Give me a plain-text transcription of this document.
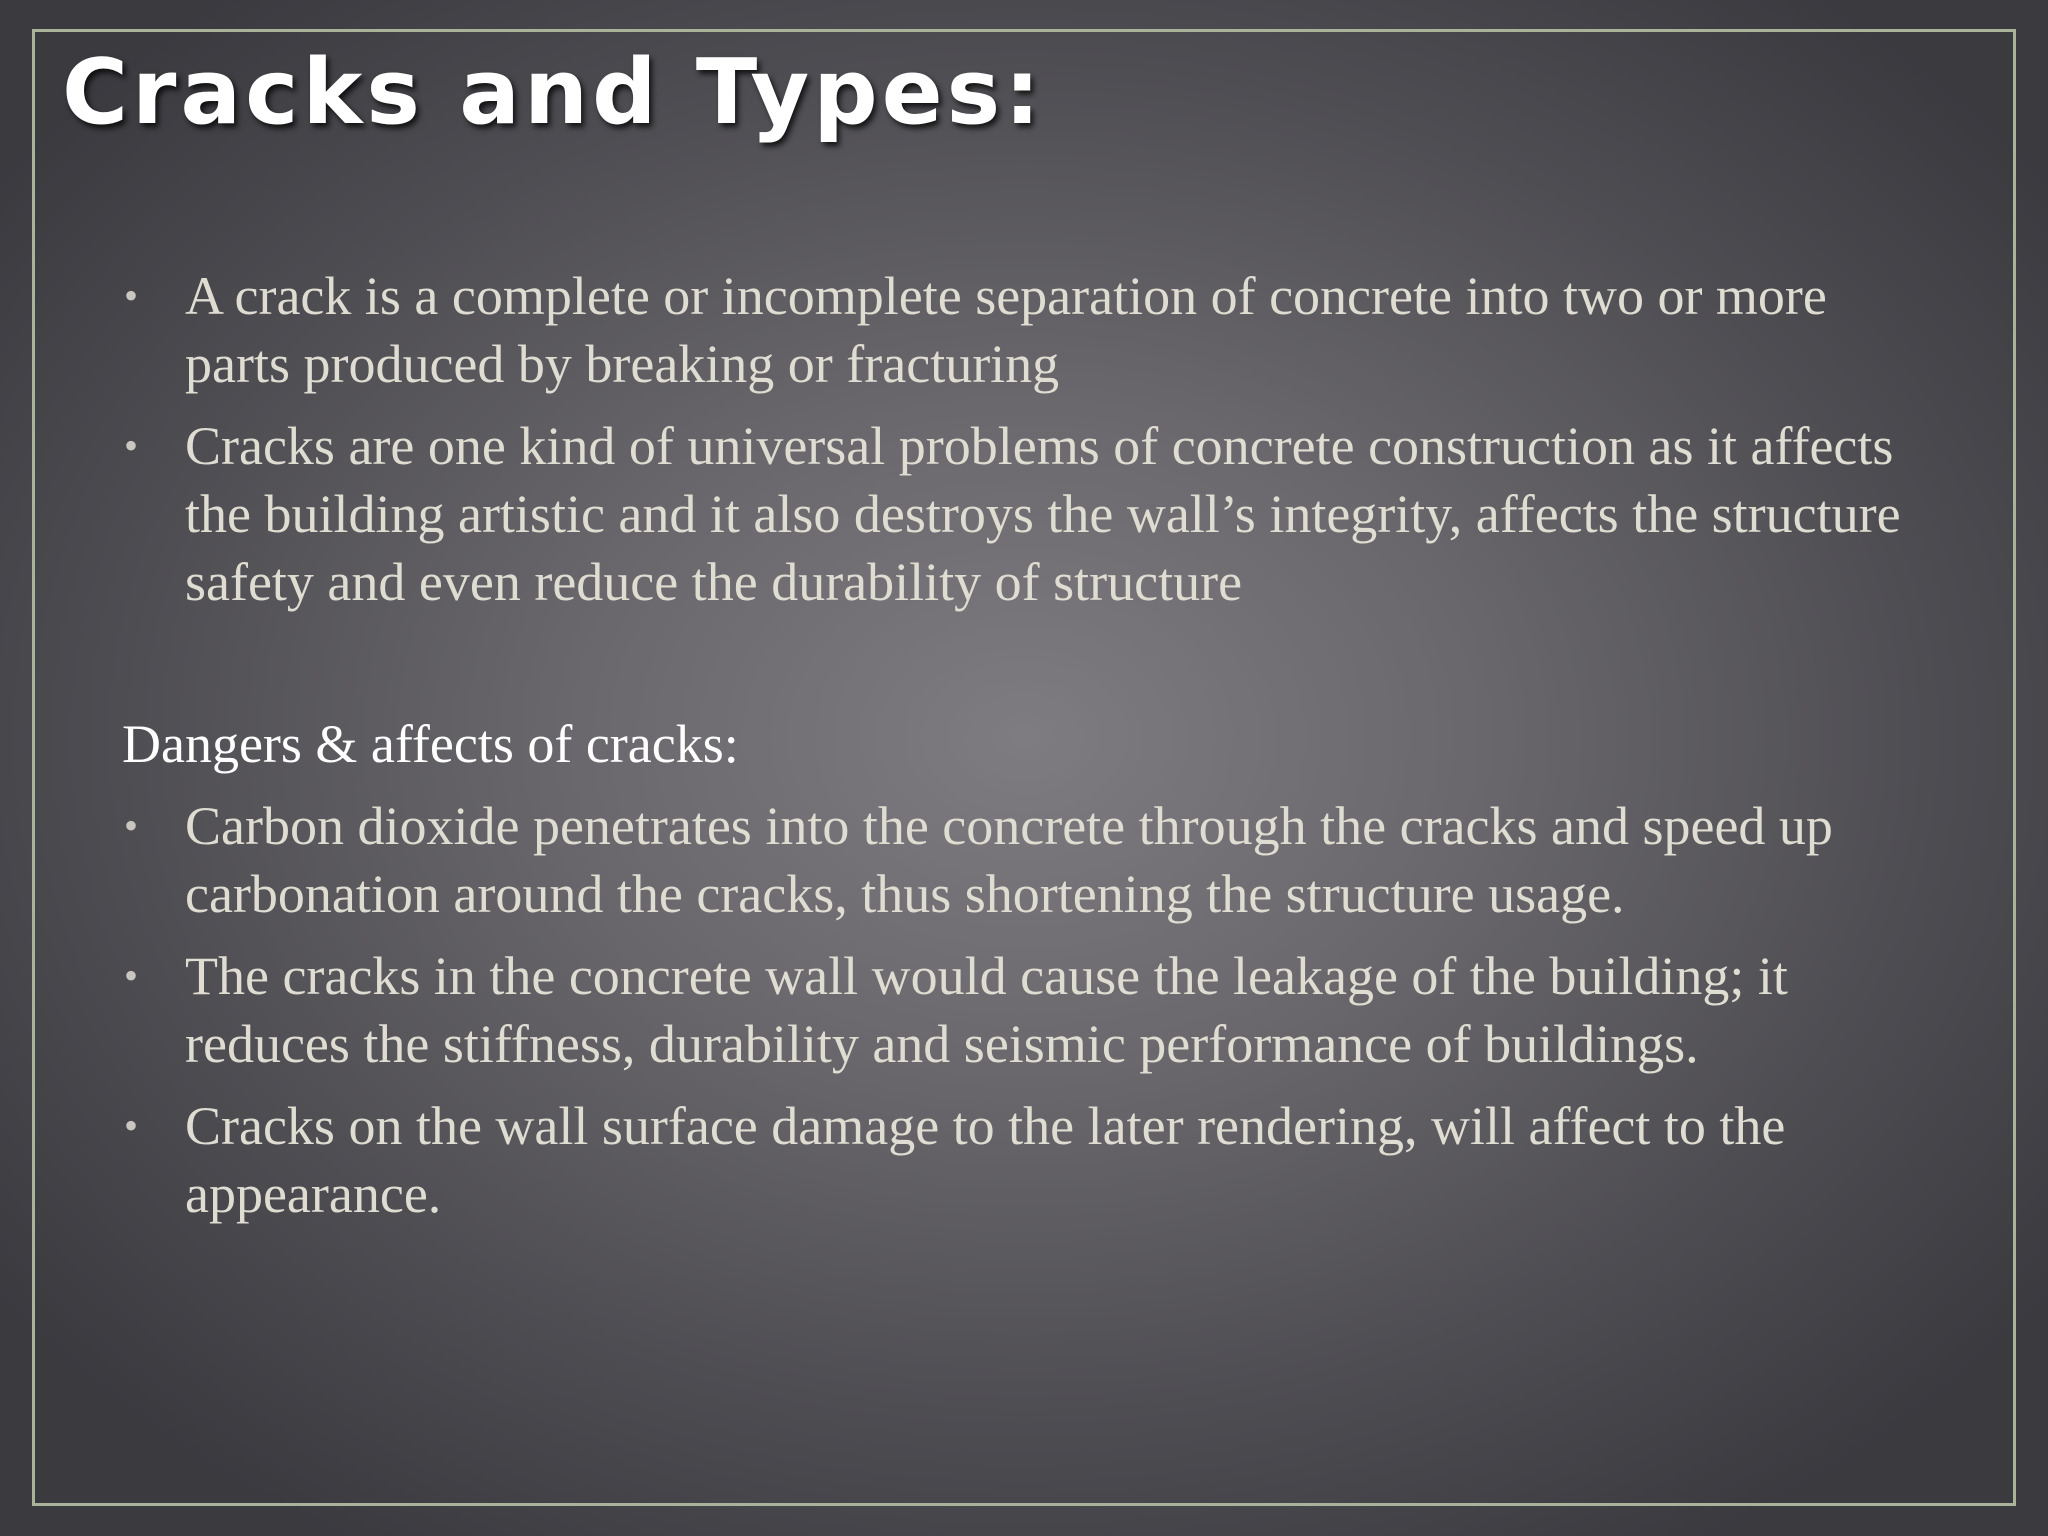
Cracks and Types:
• A crack is a complete or incomplete separation of concrete into two or more parts produced by breaking or fracturing
• Cracks are one kind of universal problems of concrete construction as it affects the building artistic and it also destroys the wall’s integrity, affects the structure safety and even reduce the durability of structure
Dangers & affects of cracks:
• Carbon dioxide penetrates into the concrete through the cracks and speed up carbonation around the cracks, thus shortening the structure usage.
• The cracks in the concrete wall would cause the leakage of the building; it reduces the stiffness, durability and seismic performance of buildings.
• Cracks on the wall surface damage to the later rendering, will affect to the appearance.
